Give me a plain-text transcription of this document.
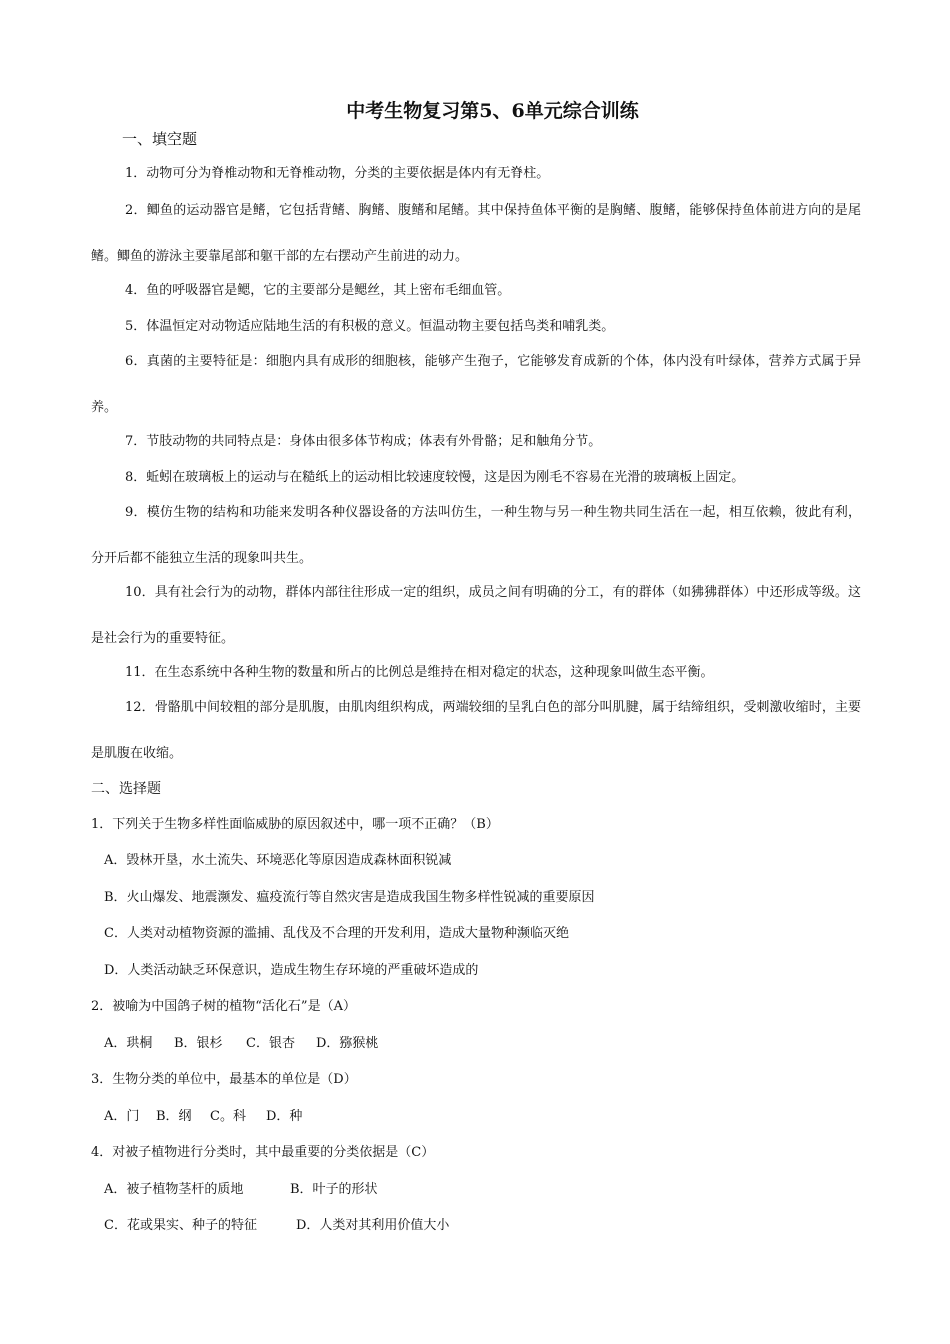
中考生物复习第5、6单元综合训练
一、填空题

1．动物可分为脊椎动物和无脊椎动物，分类的主要依据是体内有无脊柱。

2．鲫鱼的运动器官是鳍，它包括背鳍、胸鳍、腹鳍和尾鳍。其中保持鱼体平衡的是胸鳍、腹鳍，能够保持鱼体前进方向的是尾鳍。鲫鱼的游泳主要靠尾部和躯干部的左右摆动产生前进的动力。

4．鱼的呼吸器官是鳃，它的主要部分是鳃丝，其上密布毛细血管。

5．体温恒定对动物适应陆地生活的有积极的意义。恒温动物主要包括鸟类和哺乳类。

6．真菌的主要特征是：细胞内具有成形的细胞核，能够产生孢子，它能够发育成新的个体，体内没有叶绿体，营养方式属于异养。

7．节肢动物的共同特点是：身体由很多体节构成；体表有外骨骼；足和触角分节。

8．蚯蚓在玻璃板上的运动与在糙纸上的运动相比较速度较慢，这是因为刚毛不容易在光滑的玻璃板上固定。

9．模仿生物的结构和功能来发明各种仪器设备的方法叫仿生，一种生物与另一种生物共同生活在一起，相互依赖，彼此有利，分开后都不能独立生活的现象叫共生。

10．具有社会行为的动物，群体内部往往形成一定的组织，成员之间有明确的分工，有的群体（如狒狒群体）中还形成等级。这是社会行为的重要特征。

11．在生态系统中各种生物的数量和所占的比例总是维持在相对稳定的状态，这种现象叫做生态平衡。

12．骨骼肌中间较粗的部分是肌腹，由肌肉组织构成，两端较细的呈乳白色的部分叫肌腱，属于结缔组织，受刺激收缩时，主要是肌腹在收缩。

二、选择题

1．下列关于生物多样性面临威胁的原因叙述中，哪一项不正确？（B）

A．毁林开垦，水土流失、环境恶化等原因造成森林面积锐减

B．火山爆发、地震濒发、瘟疫流行等自然灾害是造成我国生物多样性锐减的重要原因

C．人类对动植物资源的滥捕、乱伐及不合理的开发利用，造成大量物种濒临灭绝

D．人类活动缺乏环保意识，造成生物生存环境的严重破坏造成的

2．被喻为中国鸽子树的植物“活化石”是（A）

A．珙桐 B．银杉 C．银杏 D．猕猴桃

3．生物分类的单位中，最基本的单位是（D）

A．门 B．纲 C。科 D．种

4．对被子植物进行分类时，其中最重要的分类依据是（C）

A．被子植物茎杆的质地	B．叶子的形状

C．花或果实、种子的特征	D．人类对其利用价值大小
